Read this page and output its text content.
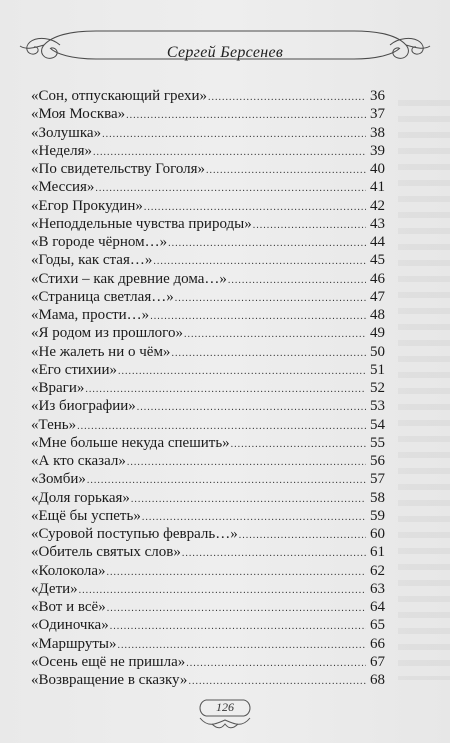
Сергей Берсенев
«Сон, отпускающий грехи» .....	36
«Моя Москва» .....	37
«Золушка» .....	38
«Неделя» .....	39
«По свидетельству Гоголя» .....	40
«Мессия» .....	41
«Егор Прокудин» .....	42
«Неподдельные чувства природы» .....	43
«В городе чёрном…» .....	44
«Годы, как стая…» .....	45
«Стихи – как древние дома…» .....	46
«Страница светлая…» .....	47
«Мама, прости…» .....	48
«Я родом из прошлого» .....	49
«Не жалеть ни о чём» .....	50
«Его стихии» .....	51
«Враги» .....	52
«Из биографии» .....	53
«Тень» .....	54
«Мне больше некуда спешить» .....	55
«А кто сказал» .....	56
«Зомби» .....	57
«Доля горькая» .....	58
«Ещё бы успеть» .....	59
«Суровой поступью февраль…» .....	60
«Обитель святых слов» .....	61
«Колокола» .....	62
«Дети» .....	63
«Вот и всё» .....	64
«Одиночка» .....	65
«Маршруты» .....	66
«Осень ещё не пришла» .....	67
«Возвращение в сказку» .....	68
126
